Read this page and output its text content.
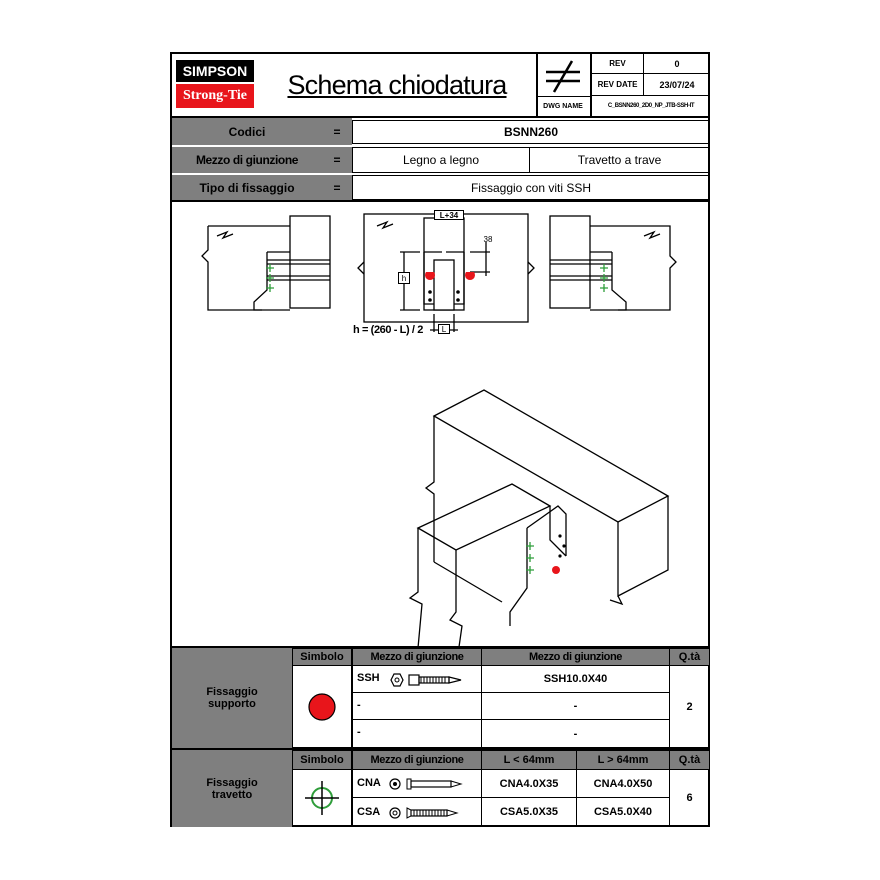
SIMPSON
Strong-Tie	Schema chiodatura
DWG NAME
REV	0
REV DATE	23/07/24
C_BSNN260_2D0_NP_JTB-SSH-IT
Codici	=	BSNN260
Mezzo di giunzione	=	Legno a legno	Travetto a trave
Tipo di fissaggio	=	Fissaggio con viti SSH
L+34
38
h
L
h = (260 - L) / 2
Fissaggio supporto
Simbolo	Mezzo di giunzione	Mezzo di giunzione	Q.tà
SSH	SSH10.0X40
-	-
-	-
2
Fissaggio travetto
Simbolo	Mezzo di giunzione	L < 64mm	L > 64mm	Q.tà
CNA	CNA4.0X35	CNA4.0X50
CSA	CSA5.0X35	CSA5.0X40
6
